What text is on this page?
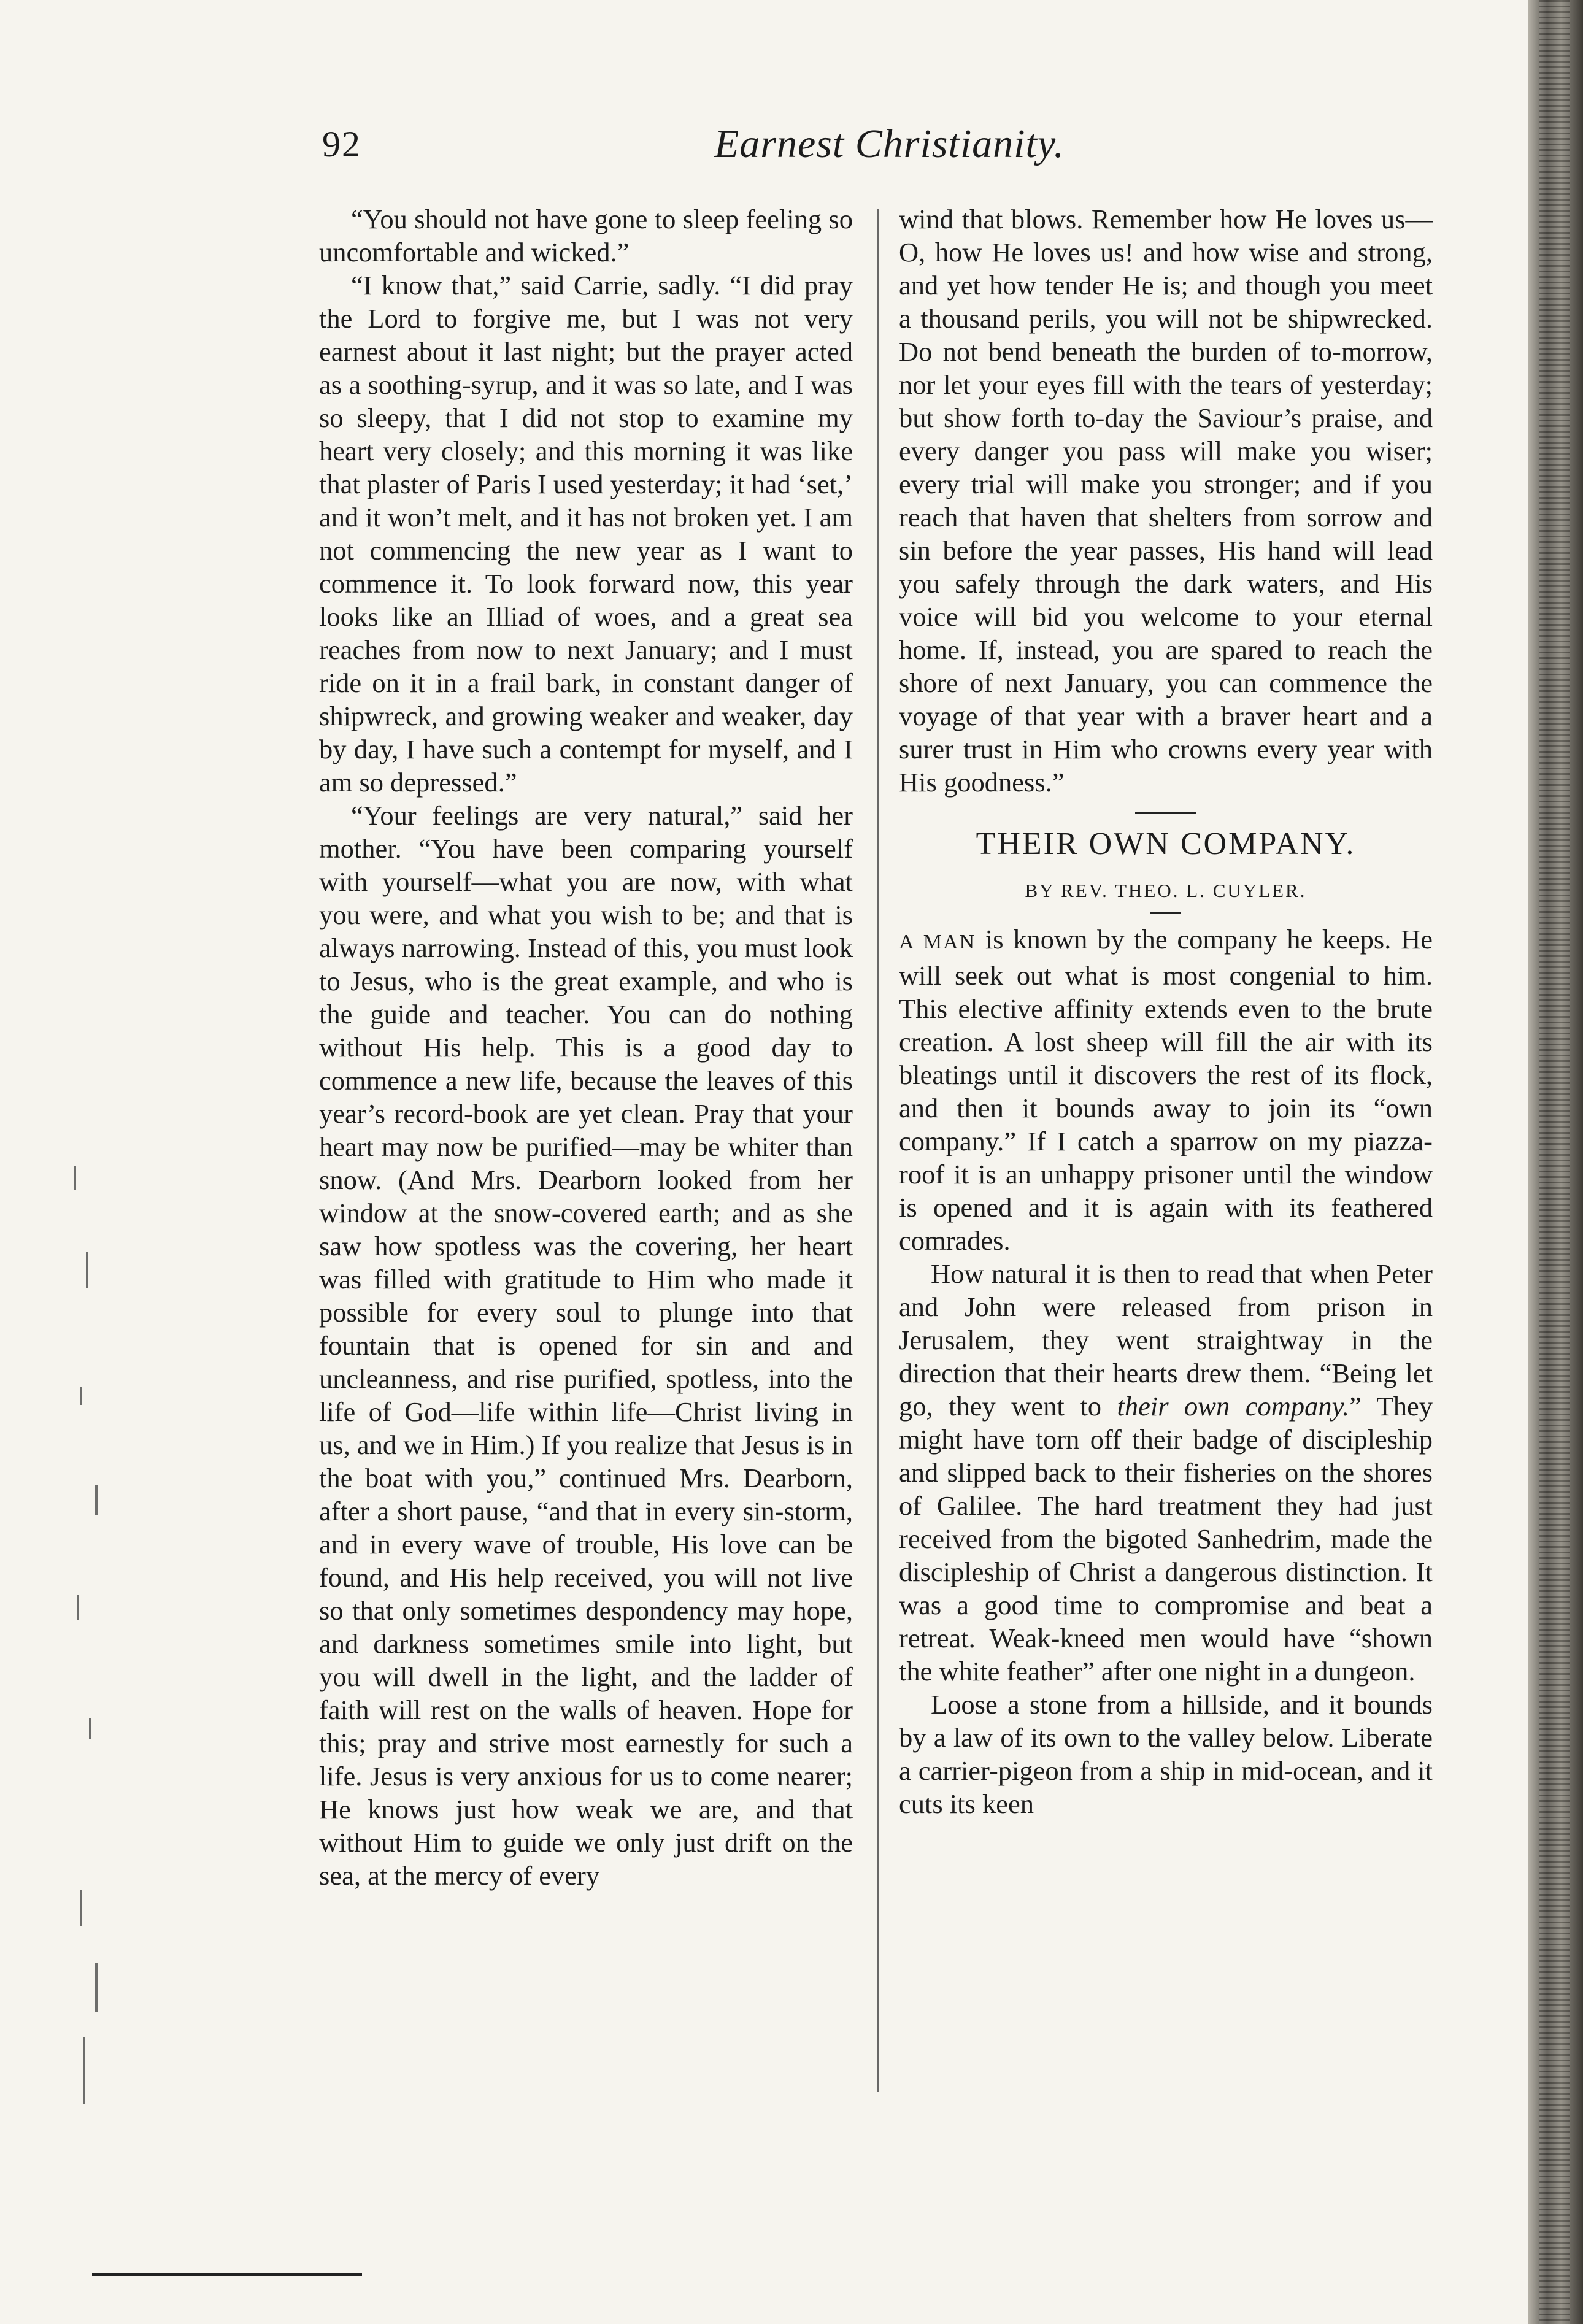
92	Earnest Christianity.

“You should not have gone to sleep feeling so uncomfortable and wicked.”

“I know that,” said Carrie, sadly. “I did pray the Lord to forgive me, but I was not very earnest about it last night; but the prayer acted as a soothing-syrup, and it was so late, and I was so sleepy, that I did not stop to examine my heart very closely; and this morning it was like that plaster of Paris I used yesterday; it had ‘set,’ and it won’t melt, and it has not broken yet. I am not commencing the new year as I want to commence it. To look forward now, this year looks like an Illiad of woes, and a great sea reaches from now to next January; and I must ride on it in a frail bark, in constant danger of shipwreck, and growing weaker and weaker, day by day, I have such a contempt for myself, and I am so depressed.”

“Your feelings are very natural,” said her mother. “You have been comparing yourself with yourself—what you are now, with what you were, and what you wish to be; and that is always narrowing. Instead of this, you must look to Jesus, who is the great example, and who is the guide and teacher. You can do nothing without His help. This is a good day to commence a new life, because the leaves of this year’s record-book are yet clean. Pray that your heart may now be purified—may be whiter than snow. (And Mrs. Dearborn looked from her window at the snow-covered earth; and as she saw how spotless was the covering, her heart was filled with gratitude to Him who made it possible for every soul to plunge into that fountain that is opened for sin and and uncleanness, and rise purified, spotless, into the life of God—life within life—Christ living in us, and we in Him.) If you realize that Jesus is in the boat with you,” continued Mrs. Dearborn, after a short pause, “and that in every sin-storm, and in every wave of trouble, His love can be found, and His help received, you will not live so that only sometimes despondency may hope, and darkness sometimes smile into light, but you will dwell in the light, and the ladder of faith will rest on the walls of heaven. Hope for this; pray and strive most earnestly for such a life. Jesus is very anxious for us to come nearer; He knows just how weak we are, and that without Him to guide we only just drift on the sea, at the mercy of every

wind that blows. Remember how He loves us—O, how He loves us! and how wise and strong, and yet how tender He is; and though you meet a thousand perils, you will not be shipwrecked. Do not bend beneath the burden of to-morrow, nor let your eyes fill with the tears of yesterday; but show forth to-day the Saviour’s praise, and every danger you pass will make you wiser; every trial will make you stronger; and if you reach that haven that shelters from sorrow and sin before the year passes, His hand will lead you safely through the dark waters, and His voice will bid you welcome to your eternal home. If, instead, you are spared to reach the shore of next January, you can commence the voyage of that year with a braver heart and a surer trust in Him who crowns every year with His goodness.”

THEIR OWN COMPANY.
BY REV. THEO. L. CUYLER.

A MAN is known by the company he keeps. He will seek out what is most congenial to him. This elective affinity extends even to the brute creation. A lost sheep will fill the air with its bleatings until it discovers the rest of its flock, and then it bounds away to join its “own company.” If I catch a sparrow on my piazza-roof it is an unhappy prisoner until the window is opened and it is again with its feathered comrades.

How natural it is then to read that when Peter and John were released from prison in Jerusalem, they went straightway in the direction that their hearts drew them. “Being let go, they went to their own company.” They might have torn off their badge of discipleship and slipped back to their fisheries on the shores of Galilee. The hard treatment they had just received from the bigoted Sanhedrim, made the discipleship of Christ a dangerous distinction. It was a good time to compromise and beat a retreat. Weak-kneed men would have “shown the white feather” after one night in a dungeon.

Loose a stone from a hillside, and it bounds by a law of its own to the valley below. Liberate a carrier-pigeon from a ship in mid-ocean, and it cuts its keen
